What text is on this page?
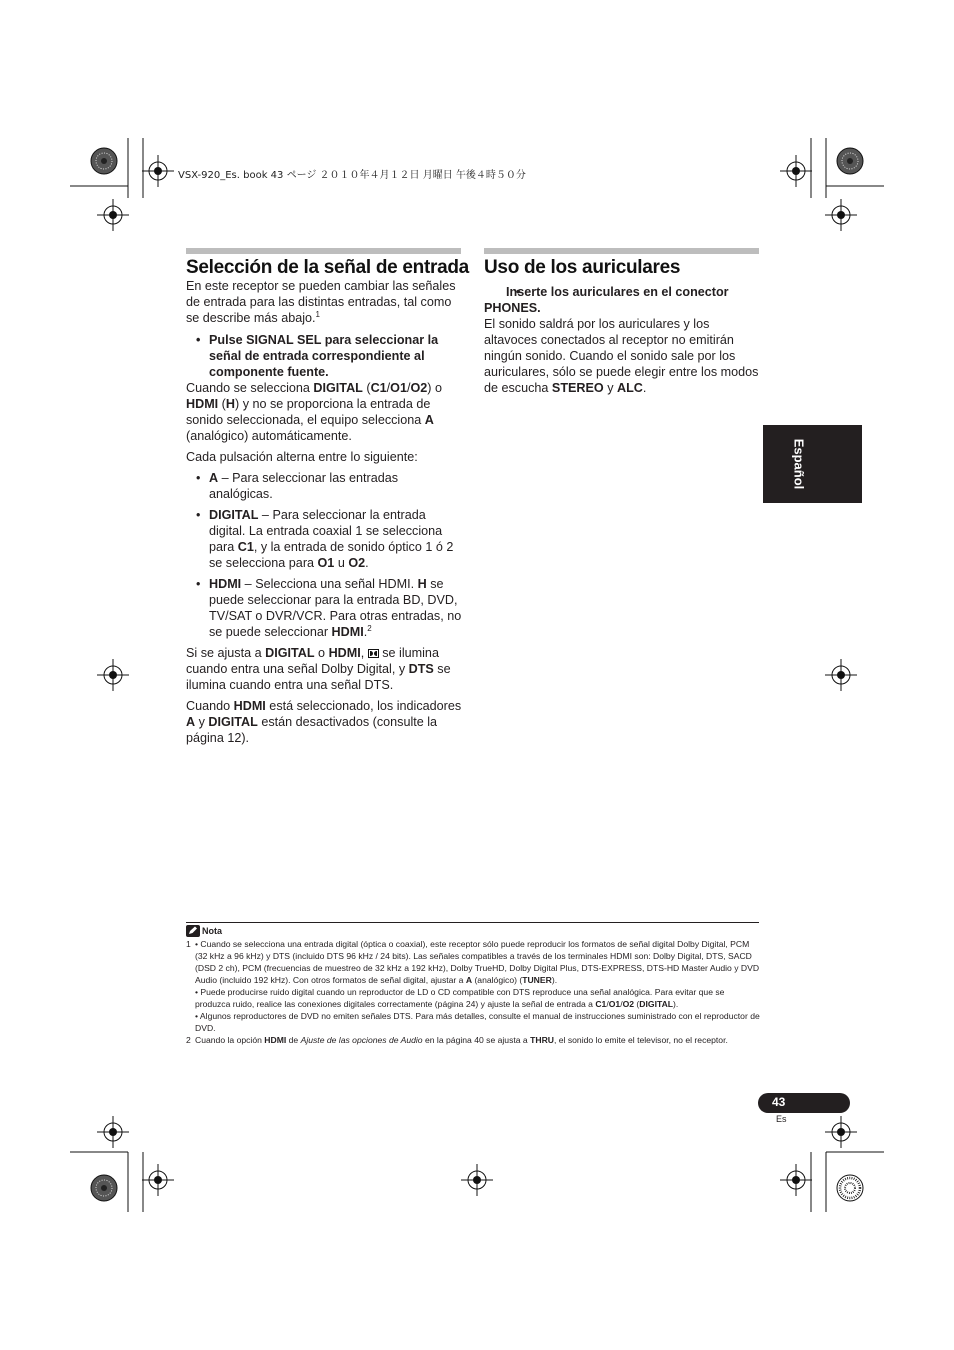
VSX-920_Es. book 43 ページ ２０１０年４月１２日 月曜日 午後４時５０分
Selección de la señal de entrada

En este receptor se pueden cambiar las señales de entrada para las distintas entradas, tal como se describe más abajo.$^1$

• Pulse SIGNAL SEL para seleccionar la señal de entrada correspondiente al componente fuente.

Cuando se selecciona DIGITAL (C1/O1/O2) o HDMI (H) y no se proporciona la entrada de sonido seleccionada, el equipo selecciona A (analógico) automáticamente.

Cada pulsación alterna entre lo siguiente:

• A – Para seleccionar las entradas analógicas.
• DIGITAL – Para seleccionar la entrada digital. La entrada coaxial 1 se selecciona para C1, y la entrada de sonido óptico 1 ó 2 se selecciona para O1 u O2.
• HDMI – Selecciona una señal HDMI. H se puede seleccionar para la entrada BD, DVD, TV/SAT o DVR/VCR. Para otras entradas, no se puede seleccionar HDMI.$^2$

Si se ajusta a DIGITAL o HDMI,  se ilumina cuando entra una señal Dolby Digital, y DTS se ilumina cuando entra una señal DTS.

Cuando HDMI está seleccionado, los indicadores A y DIGITAL están desactivados (consulte la página 12).

Uso de los auriculares
• Inserte los auriculares en el conector PHONES.

El sonido saldrá por los auriculares y los altavoces conectados al receptor no emitirán ningún sonido. Cuando el sonido sale por los auriculares, sólo se puede elegir entre los modos de escucha STEREO y ALC.

Español
Nota
1 • Cuando se selecciona una entrada digital (óptica o coaxial), este receptor sólo puede reproducir los formatos de señal digital Dolby Digital, PCM (32 kHz a 96 kHz) y DTS (incluido DTS 96 kHz / 24 bits). Las señales compatibles a través de los terminales HDMI son: Dolby Digital, DTS, SACD (DSD 2 ch), PCM (frecuencias de muestreo de 32 kHz a 192 kHz), Dolby TrueHD, Dolby Digital Plus, DTS-EXPRESS, DTS-HD Master Audio y DVD Audio (incluido 192 kHz). Con otros formatos de señal digital, ajustar a A (analógico) (TUNER).
• Puede producirse ruido digital cuando un reproductor de LD o CD compatible con DTS reproduce una señal analógica. Para evitar que se produzca ruido, realice las conexiones digitales correctamente (página 24) y ajuste la señal de entrada a C1/O1/O2 (DIGITAL).
• Algunos reproductores de DVD no emiten señales DTS. Para más detalles, consulte el manual de instrucciones suministrado con el reproductor de DVD.
2 Cuando la opción HDMI de Ajuste de las opciones de Audio en la página 40 se ajusta a THRU, el sonido lo emite el televisor, no el receptor.
43
Es
